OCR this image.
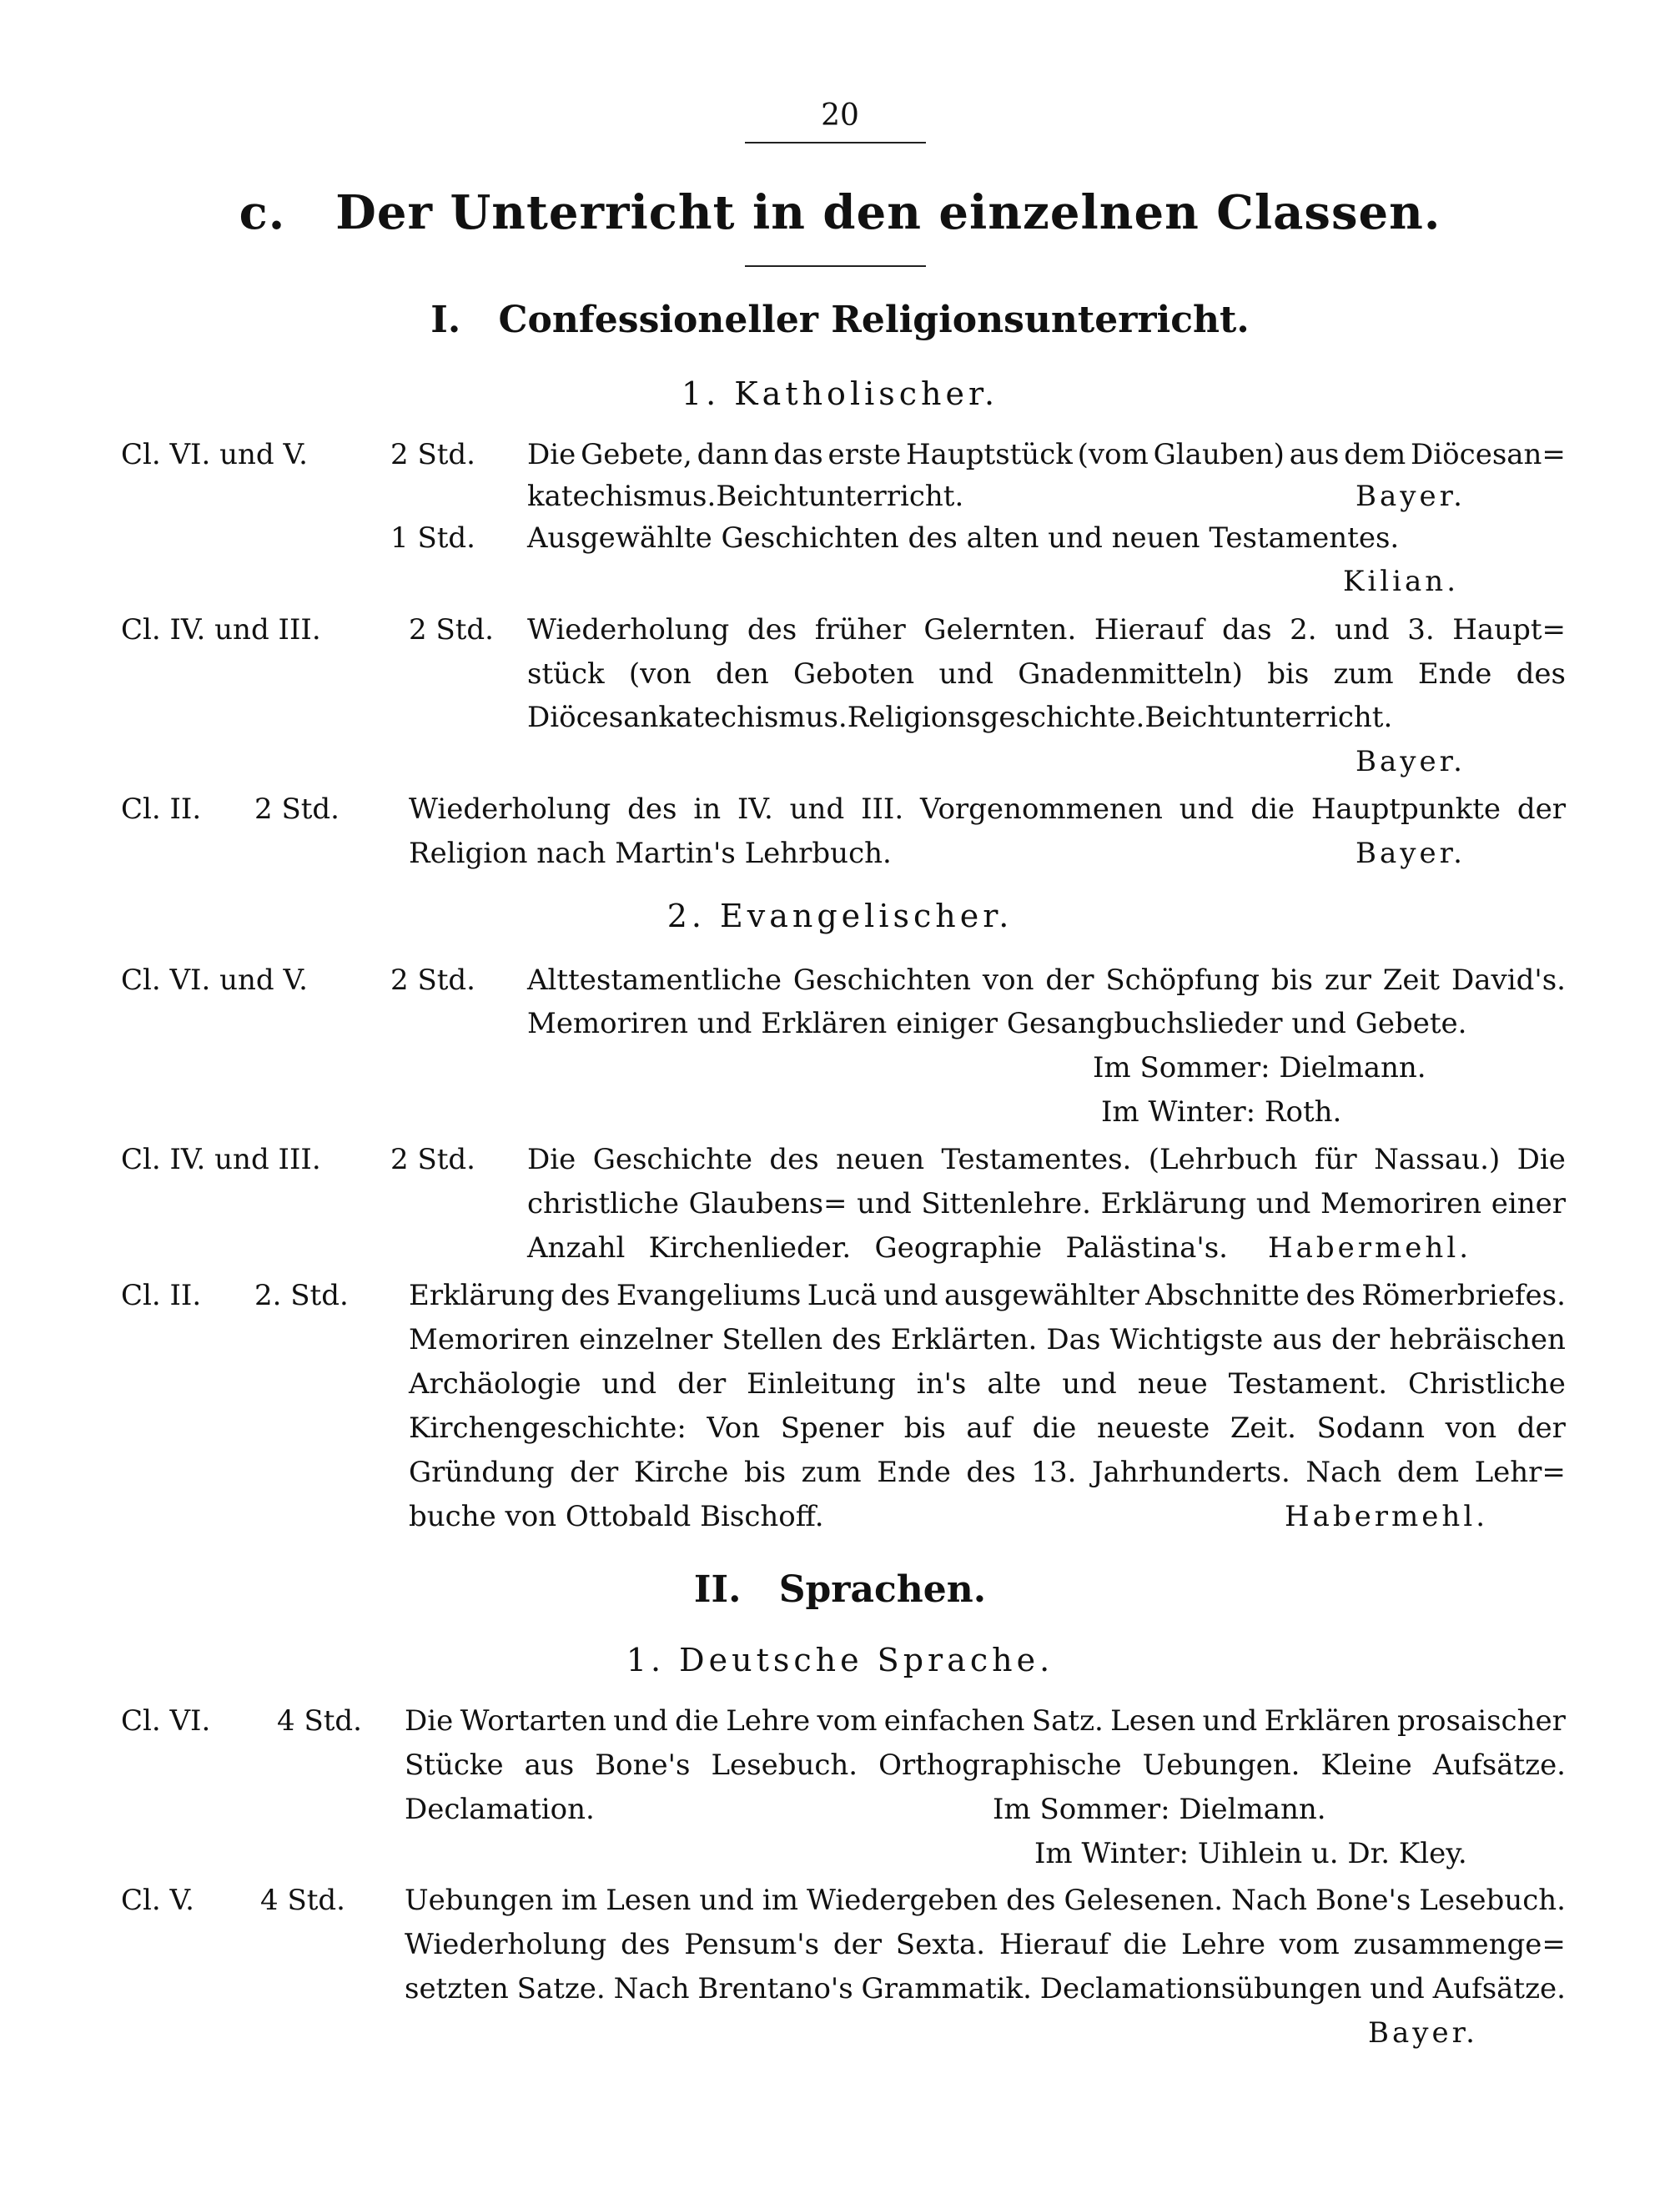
20
c. Der Unterricht in den einzelnen Classen.
I. Confessioneller Religionsunterricht.
1. Katholischer.
Cl. VI. und V.	2 Std. Die Gebete, dann das erste Hauptstück (vom Glauben) aus dem Diöcesan=
katechismus. Beichtunterricht.	Bayer.
1 Std. Ausgewählte Geschichten des alten und neuen Testamentes.
Kilian.
Cl. IV. und III.	2 Std. Wiederholung des früher Gelernten. Hierauf das 2. und 3. Haupt=
stück (von den Geboten und Gnadenmitteln) bis zum Ende des
Diöcesankatechismus. Religionsgeschichte. Beichtunterricht.
Bayer.
Cl. II. 2 Std. Wiederholung des in IV. und III. Vorgenommenen und die Hauptpunkte der
Religion nach Martin's Lehrbuch.	Bayer.
2. Evangelischer.
Cl. VI. und V.	2 Std. Alttestamentliche Geschichten von der Schöpfung bis zur Zeit David's.
Memoriren und Erklären einiger Gesangbuchslieder und Gebete.
Im Sommer: Dielmann.
Im Winter: Roth.
Cl. IV. und III. 2 Std. Die Geschichte des neuen Testamentes. (Lehrbuch für Nassau.) Die
christliche Glaubens= und Sittenlehre. Erklärung und Memoriren einer
Anzahl Kirchenlieder. Geographie Palästina's. Habermehl.
Cl. II. 2. Std. Erklärung des Evangeliums Lucä und ausgewählter Abschnitte des Römerbriefes.
Memoriren einzelner Stellen des Erklärten. Das Wichtigste aus der hebräischen
Archäologie und der Einleitung in's alte und neue Testament. Christliche
Kirchengeschichte: Von Spener bis auf die neueste Zeit. Sodann von der
Gründung der Kirche bis zum Ende des 13. Jahrhunderts. Nach dem Lehr=
buche von Ottobald Bischoff.	Habermehl.
II. Sprachen.
1. Deutsche Sprache.
Cl. VI. 4 Std. Die Wortarten und die Lehre vom einfachen Satz. Lesen und Erklären prosaischer
Stücke aus Bone's Lesebuch. Orthographische Uebungen. Kleine Aufsätze.
Declamation.	Im Sommer: Dielmann.
Im Winter: Uihlein u. Dr. Kley.
Cl. V. 4 Std. Uebungen im Lesen und im Wiedergeben des Gelesenen. Nach Bone's Lesebuch.
Wiederholung des Pensum's der Sexta. Hierauf die Lehre vom zusammenge=
setzten Satze. Nach Brentano's Grammatik. Declamationsübungen und Aufsätze.
Bayer.
